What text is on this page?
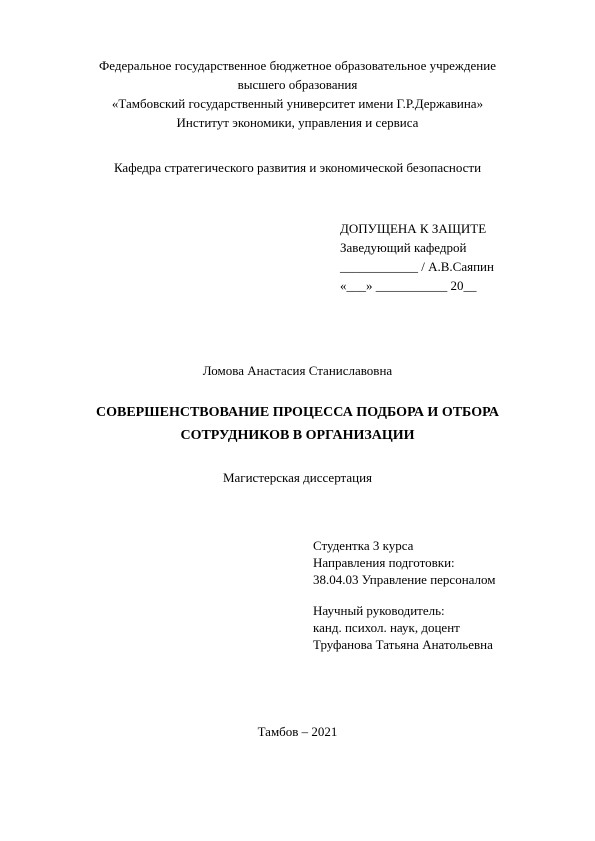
Федеральное государственное бюджетное образовательное учреждение
высшего образования
«Тамбовский государственный университет имени Г.Р.Державина»
Институт экономики, управления и сервиса
Кафедра стратегического развития и экономической безопасности
ДОПУЩЕНА К ЗАЩИТЕ
Заведующий кафедрой
____________ / А.В.Саяпин
«___» ___________ 20__
Ломова Анастасия Станиславовна
СОВЕРШЕНСТВОВАНИЕ ПРОЦЕССА ПОДБОРА И ОТБОРА
СОТРУДНИКОВ В ОРГАНИЗАЦИИ
Магистерская диссертация
Студентка 3 курса
Направления подготовки:
38.04.03 Управление персоналом
Научный руководитель:
канд. психол. наук, доцент
Труфанова Татьяна Анатольевна
Тамбов – 2021
